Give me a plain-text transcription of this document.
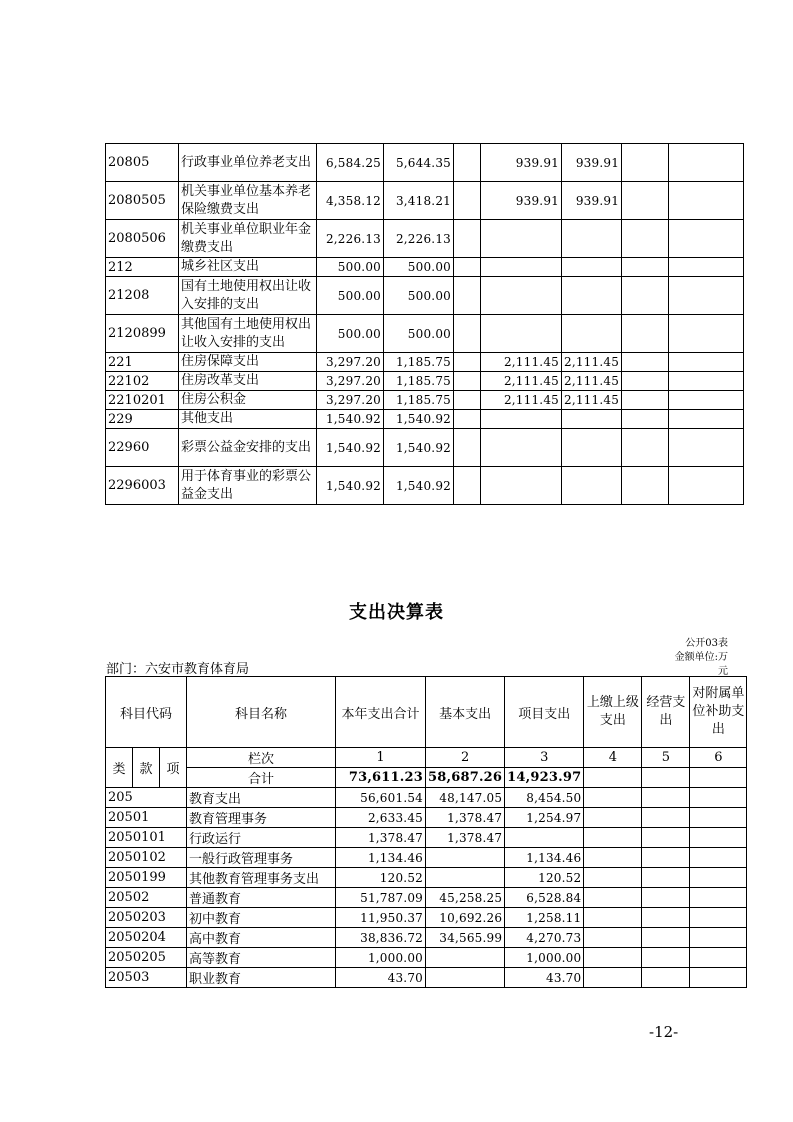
20805	行政事业单位养老支出	6,584.25	5,644.35		939.91	939.91		
2080505	机关事业单位基本养老保险缴费支出	4,358.12	3,418.21		939.91	939.91		
2080506	机关事业单位职业年金缴费支出	2,226.13	2,226.13					
212	城乡社区支出	500.00	500.00					
21208	国有土地使用权出让收入安排的支出	500.00	500.00					
2120899	其他国有土地使用权出让收入安排的支出	500.00	500.00					
221	住房保障支出	3,297.20	1,185.75		2,111.45	2,111.45		
22102	住房改革支出	3,297.20	1,185.75		2,111.45	2,111.45		
2210201	住房公积金	3,297.20	1,185.75		2,111.45	2,111.45		
229	其他支出	1,540.92	1,540.92					
22960	彩票公益金安排的支出	1,540.92	1,540.92					
2296003	用于体育事业的彩票公益金支出	1,540.92	1,540.92					
支出决算表
公开03表
金额单位:万
元
部门：六安市教育体育局
科目代码			科目名称	本年支出合计	基本支出	项目支出	上缴上级支出	经营支出	对附属单位补助支出
类	款	项	栏次	1	2	3	4	5	6
			合计	73,611.23	58,687.26	14,923.97			
205			教育支出	56,601.54	48,147.05	8,454.50			
20501			教育管理事务	2,633.45	1,378.47	1,254.97			
2050101			行政运行	1,378.47	1,378.47				
2050102			一般行政管理事务	1,134.46		1,134.46			
2050199			其他教育管理事务支出	120.52		120.52			
20502			普通教育	51,787.09	45,258.25	6,528.84			
2050203			初中教育	11,950.37	10,692.26	1,258.11			
2050204			高中教育	38,836.72	34,565.99	4,270.73			
2050205			高等教育	1,000.00		1,000.00			
20503			职业教育	43.70		43.70			
-12-
